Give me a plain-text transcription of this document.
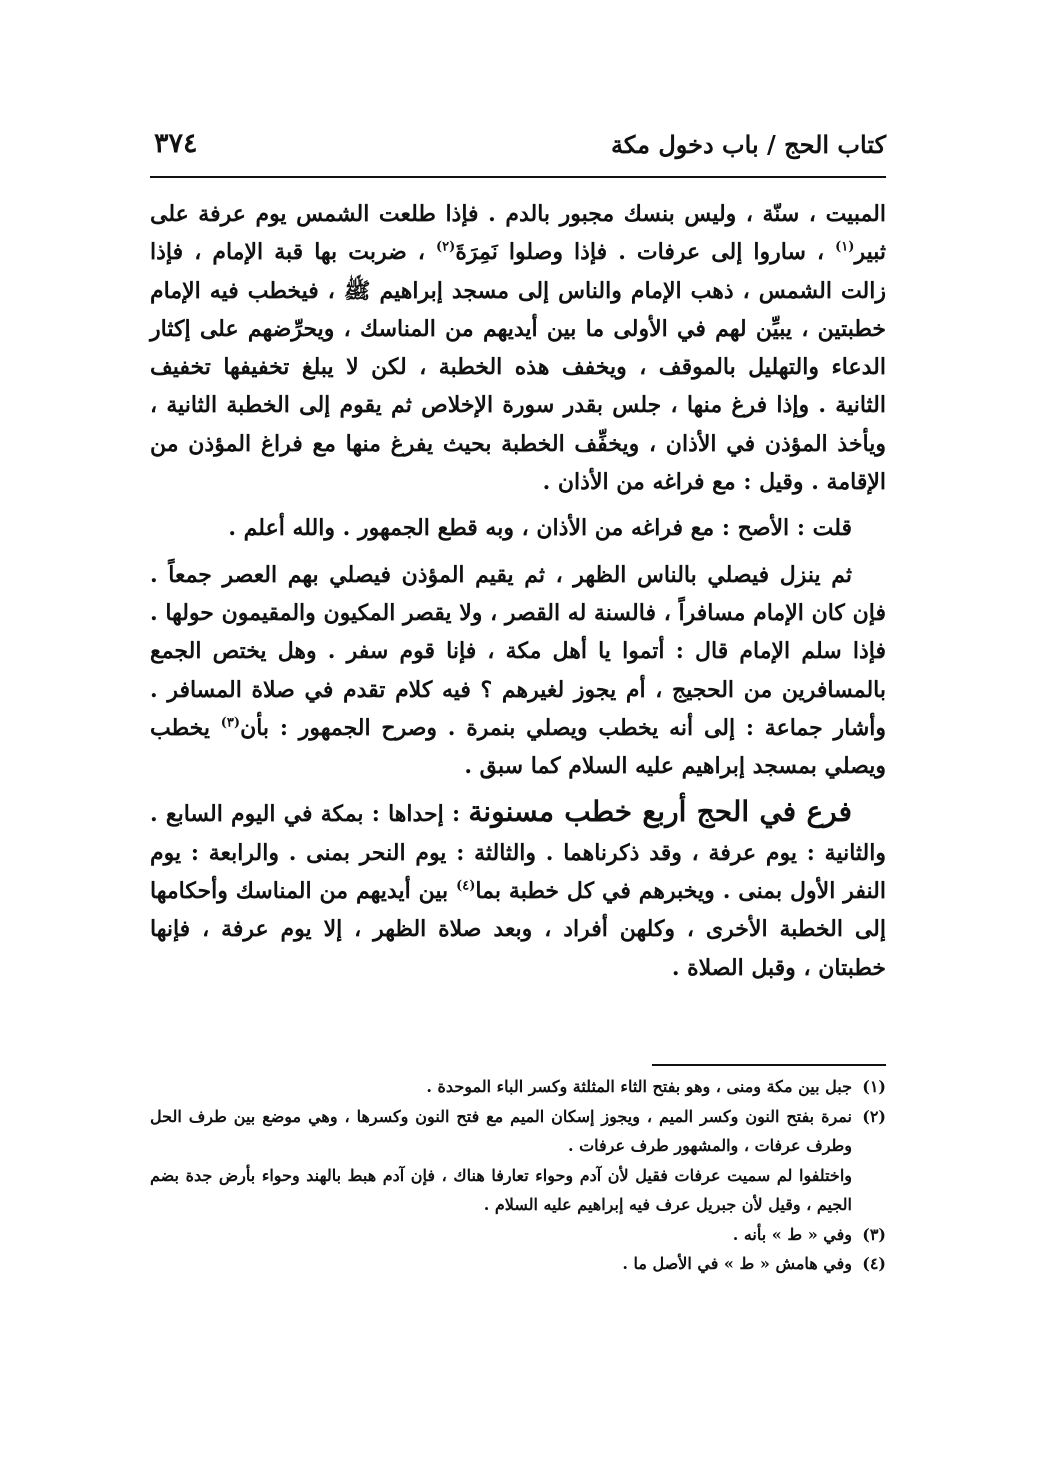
كتاب الحج / باب دخول مكة
٣٧٤

المبيت ، سنّة ، وليس بنسك مجبور بالدم . فإذا طلعت الشمس يوم عرفة على ثبير$^{(١)}$ ، ساروا إلى عرفات . فإذا وصلوا نَمِرَةَ$^{(٢)}$ ، ضربت بها قبة الإمام ، فإذا زالت الشمس ، ذهب الإمام والناس إلى مسجد إبراهيم ﷺ ، فيخطب فيه الإمام خطبتين ، يبيِّن لهم في الأولى ما بين أيديهم من المناسك ، ويحرِّضهم على إكثار الدعاء والتهليل بالموقف ، ويخفف هذه الخطبة ، لكن لا يبلغ تخفيفها تخفيف الثانية . وإذا فرغ منها ، جلس بقدر سورة الإخلاص ثم يقوم إلى الخطبة الثانية ، ويأخذ المؤذن في الأذان ، ويخفِّف الخطبة بحيث يفرغ منها مع فراغ المؤذن من الإقامة . وقيل : مع فراغه من الأذان .

قلت : الأصح : مع فراغه من الأذان ، وبه قطع الجمهور . والله أعلم .

ثم ينزل فيصلي بالناس الظهر ، ثم يقيم المؤذن فيصلي بهم العصر جمعاً . فإن كان الإمام مسافراً ، فالسنة له القصر ، ولا يقصر المكيون والمقيمون حولها . فإذا سلم الإمام قال : أتموا يا أهل مكة ، فإنا قوم سفر . وهل يختص الجمع بالمسافرين من الحجيج ، أم يجوز لغيرهم ؟ فيه كلام تقدم في صلاة المسافر . وأشار جماعة : إلى أنه يخطب ويصلي بنمرة . وصرح الجمهور : بأن$^{(٣)}$ يخطب ويصلي بمسجد إبراهيم عليه السلام كما سبق .

فرع في الحج أربع خطب مسنونة : إحداها : بمكة في اليوم السابع . والثانية : يوم عرفة ، وقد ذكرناهما . والثالثة : يوم النحر بمنى . والرابعة : يوم النفر الأول بمنى . ويخبرهم في كل خطبة بما$^{(٤)}$ بين أيديهم من المناسك وأحكامها إلى الخطبة الأخرى ، وكلهن أفراد ، وبعد صلاة الظهر ، إلا يوم عرفة ، فإنها خطبتان ، وقبل الصلاة .

(١)
جبل بين مكة ومنى ، وهو بفتح الثاء المثلثة وكسر الباء الموحدة .
(٢)
نمرة بفتح النون وكسر الميم ، ويجوز إسكان الميم مع فتح النون وكسرها ، وهي موضع بين طرف الحل وطرف عرفات ، والمشهور طرف عرفات .
واختلفوا لم سميت عرفات فقيل لأن آدم وحواء تعارفا هناك ، فإن آدم هبط بالهند وحواء بأرض جدة بضم الجيم ، وقيل لأن جبريل عرف فيه إبراهيم عليه السلام .
(٣)
وفي « ط » بأنه .
(٤)
وفي هامش « ط » في الأصل ما .
